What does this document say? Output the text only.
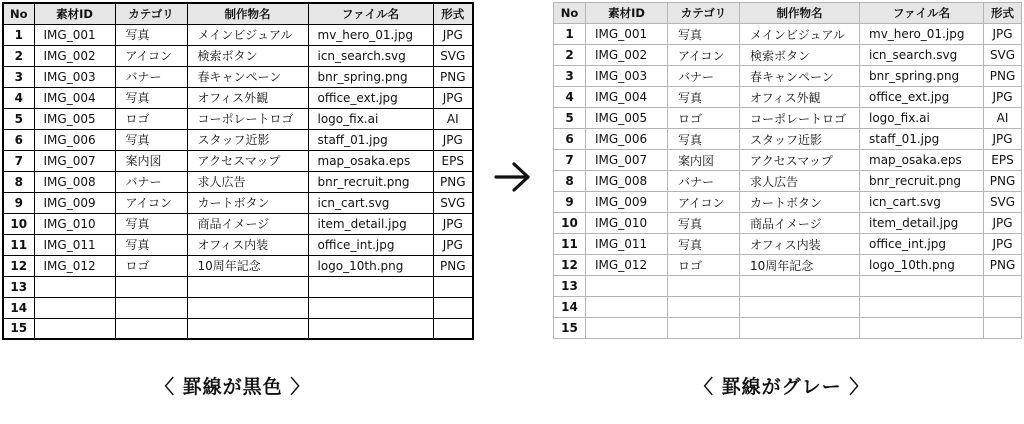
No	素材ID	カテゴリ	制作物名	ファイル名	形式
1	IMG_001	写真	メインビジュアル	mv_hero_01.jpg	JPG
2	IMG_002	アイコン	検索ボタン	icn_search.svg	SVG
3	IMG_003	バナー	春キャンペーン	bnr_spring.png	PNG
4	IMG_004	写真	オフィス外観	office_ext.jpg	JPG
5	IMG_005	ロゴ	コーポレートロゴ	logo_fix.ai	AI
6	IMG_006	写真	スタッフ近影	staff_01.jpg	JPG
7	IMG_007	案内図	アクセスマップ	map_osaka.eps	EPS
8	IMG_008	バナー	求人広告	bnr_recruit.png	PNG
9	IMG_009	アイコン	カートボタン	icn_cart.svg	SVG
10	IMG_010	写真	商品イメージ	item_detail.jpg	JPG
11	IMG_011	写真	オフィス内装	office_int.jpg	JPG
12	IMG_012	ロゴ	10周年記念	logo_10th.png	PNG
13					
14					
15					
No	素材ID	カテゴリ	制作物名	ファイル名	形式
1	IMG_001	写真	メインビジュアル	mv_hero_01.jpg	JPG
2	IMG_002	アイコン	検索ボタン	icn_search.svg	SVG
3	IMG_003	バナー	春キャンペーン	bnr_spring.png	PNG
4	IMG_004	写真	オフィス外観	office_ext.jpg	JPG
5	IMG_005	ロゴ	コーポレートロゴ	logo_fix.ai	AI
6	IMG_006	写真	スタッフ近影	staff_01.jpg	JPG
7	IMG_007	案内図	アクセスマップ	map_osaka.eps	EPS
8	IMG_008	バナー	求人広告	bnr_recruit.png	PNG
9	IMG_009	アイコン	カートボタン	icn_cart.svg	SVG
10	IMG_010	写真	商品イメージ	item_detail.jpg	JPG
11	IMG_011	写真	オフィス内装	office_int.jpg	JPG
12	IMG_012	ロゴ	10周年記念	logo_10th.png	PNG
13					
14					
15					
〈 罫線が黒色 〉	〈 罫線がグレー 〉
